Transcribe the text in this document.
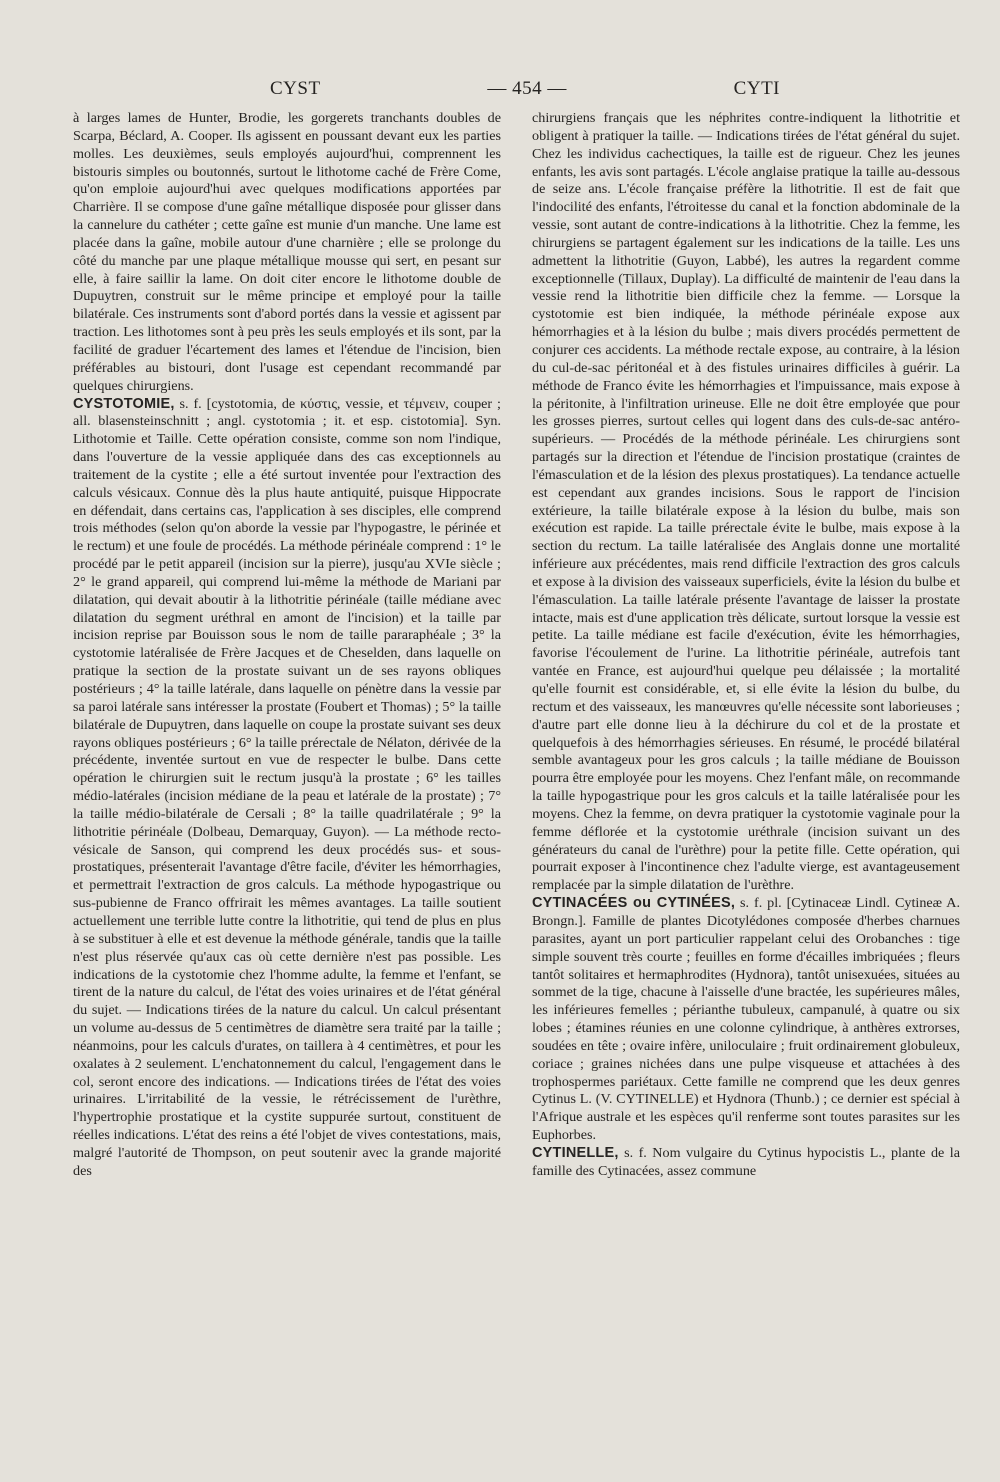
CYST	— 454 —	CYTI

à larges lames de Hunter, Brodie, les gorgerets tranchants doubles de Scarpa, Béclard, A. Cooper. Ils agissent en poussant devant eux les parties molles. Les deuxièmes, seuls employés aujourd'hui, comprennent les bistouris simples ou boutonnés, surtout le lithotome caché de Frère Come, qu'on emploie aujourd'hui avec quelques modifications apportées par Charrière. Il se compose d'une gaîne métallique disposée pour glisser dans la cannelure du cathéter ; cette gaîne est munie d'un manche. Une lame est placée dans la gaîne, mobile autour d'une charnière ; elle se prolonge du côté du manche par une plaque métallique mousse qui sert, en pesant sur elle, à faire saillir la lame. On doit citer encore le lithotome double de Dupuytren, construit sur le même principe et employé pour la taille bilatérale. Ces instruments sont d'abord portés dans la vessie et agissent par traction. Les lithotomes sont à peu près les seuls employés et ils sont, par la facilité de graduer l'écartement des lames et l'étendue de l'incision, bien préférables au bistouri, dont l'usage est cependant recommandé par quelques chirurgiens.

CYSTOTOMIE, s. f. [cystotomia, de κύστις, vessie, et τέμνειν, couper ; all. blasensteinschnitt ; angl. cystotomia ; it. et esp. cistotomia]. Syn. Lithotomie et Taille. Cette opération consiste, comme son nom l'indique, dans l'ouverture de la vessie appliquée dans des cas exceptionnels au traitement de la cystite ; elle a été surtout inventée pour l'extraction des calculs vésicaux. Connue dès la plus haute antiquité, puisque Hippocrate en défendait, dans certains cas, l'application à ses disciples, elle comprend trois méthodes (selon qu'on aborde la vessie par l'hypogastre, le périnée et le rectum) et une foule de procédés. La méthode périnéale comprend : 1° le procédé par le petit appareil (incision sur la pierre), jusqu'au XVIe siècle ; 2° le grand appareil, qui comprend lui-même la méthode de Mariani par dilatation, qui devait aboutir à la lithotritie périnéale (taille médiane avec dilatation du segment uréthral en amont de l'incision) et la taille par incision reprise par Bouisson sous le nom de taille pararaphéale ; 3° la cystotomie latéralisée de Frère Jacques et de Cheselden, dans laquelle on pratique la section de la prostate suivant un de ses rayons obliques postérieurs ; 4° la taille latérale, dans laquelle on pénètre dans la vessie par sa paroi latérale sans intéresser la prostate (Foubert et Thomas) ; 5° la taille bilatérale de Dupuytren, dans laquelle on coupe la prostate suivant ses deux rayons obliques postérieurs ; 6° la taille prérectale de Nélaton, dérivée de la précédente, inventée surtout en vue de respecter le bulbe. Dans cette opération le chirurgien suit le rectum jusqu'à la prostate ; 6° les tailles médio-latérales (incision médiane de la peau et latérale de la prostate) ; 7° la taille médio-bilatérale de Cersali ; 8° la taille quadrilatérale ; 9° la lithotritie périnéale (Dolbeau, Demarquay, Guyon). — La méthode recto-vésicale de Sanson, qui comprend les deux procédés sus- et sous-prostatiques, présenterait l'avantage d'être facile, d'éviter les hémorrhagies, et permettrait l'extraction de gros calculs. La méthode hypogastrique ou sus-pubienne de Franco offrirait les mêmes avantages. La taille soutient actuellement une terrible lutte contre la lithotritie, qui tend de plus en plus à se substituer à elle et est devenue la méthode générale, tandis que la taille n'est plus réservée qu'aux cas où cette dernière n'est pas possible. Les indications de la cystotomie chez l'homme adulte, la femme et l'enfant, se tirent de la nature du calcul, de l'état des voies urinaires et de l'état général du sujet. — Indications tirées de la nature du calcul. Un calcul présentant un volume au-dessus de 5 centimètres de diamètre sera traité par la taille ; néanmoins, pour les calculs d'urates, on taillera à 4 centimètres, et pour les oxalates à 2 seulement. L'enchatonnement du calcul, l'engagement dans le col, seront encore des indications. — Indications tirées de l'état des voies urinaires. L'irritabilité de la vessie, le rétrécissement de l'urèthre, l'hypertrophie prostatique et la cystite suppurée surtout, constituent de réelles indications. L'état des reins a été l'objet de vives contestations, mais, malgré l'autorité de Thompson, on peut soutenir avec la grande majorité des

chirurgiens français que les néphrites contre-indiquent la lithotritie et obligent à pratiquer la taille. — Indications tirées de l'état général du sujet. Chez les individus cachectiques, la taille est de rigueur. Chez les jeunes enfants, les avis sont partagés. L'école anglaise pratique la taille au-dessous de seize ans. L'école française préfère la lithotritie. Il est de fait que l'indocilité des enfants, l'étroitesse du canal et la fonction abdominale de la vessie, sont autant de contre-indications à la lithotritie. Chez la femme, les chirurgiens se partagent également sur les indications de la taille. Les uns admettent la lithotritie (Guyon, Labbé), les autres la regardent comme exceptionnelle (Tillaux, Duplay). La difficulté de maintenir de l'eau dans la vessie rend la lithotritie bien difficile chez la femme. — Lorsque la cystotomie est bien indiquée, la méthode périnéale expose aux hémorrhagies et à la lésion du bulbe ; mais divers procédés permettent de conjurer ces accidents. La méthode rectale expose, au contraire, à la lésion du cul-de-sac péritonéal et à des fistules urinaires difficiles à guérir. La méthode de Franco évite les hémorrhagies et l'impuissance, mais expose à la péritonite, à l'infiltration urineuse. Elle ne doit être employée que pour les grosses pierres, surtout celles qui logent dans des culs-de-sac antéro-supérieurs. — Procédés de la méthode périnéale. Les chirurgiens sont partagés sur la direction et l'étendue de l'incision prostatique (craintes de l'émasculation et de la lésion des plexus prostatiques). La tendance actuelle est cependant aux grandes incisions. Sous le rapport de l'incision extérieure, la taille bilatérale expose à la lésion du bulbe, mais son exécution est rapide. La taille prérectale évite le bulbe, mais expose à la section du rectum. La taille latéralisée des Anglais donne une mortalité inférieure aux précédentes, mais rend difficile l'extraction des gros calculs et expose à la division des vaisseaux superficiels, évite la lésion du bulbe et l'émasculation. La taille latérale présente l'avantage de laisser la prostate intacte, mais est d'une application très délicate, surtout lorsque la vessie est petite. La taille médiane est facile d'exécution, évite les hémorrhagies, favorise l'écoulement de l'urine. La lithotritie périnéale, autrefois tant vantée en France, est aujourd'hui quelque peu délaissée ; la mortalité qu'elle fournit est considérable, et, si elle évite la lésion du bulbe, du rectum et des vaisseaux, les manœuvres qu'elle nécessite sont laborieuses ; d'autre part elle donne lieu à la déchirure du col et de la prostate et quelquefois à des hémorrhagies sérieuses. En résumé, le procédé bilatéral semble avantageux pour les gros calculs ; la taille médiane de Bouisson pourra être employée pour les moyens. Chez l'enfant mâle, on recommande la taille hypogastrique pour les gros calculs et la taille latéralisée pour les moyens. Chez la femme, on devra pratiquer la cystotomie vaginale pour la femme déflorée et la cystotomie uréthrale (incision suivant un des générateurs du canal de l'urèthre) pour la petite fille. Cette opération, qui pourrait exposer à l'incontinence chez l'adulte vierge, est avantageusement remplacée par la simple dilatation de l'urèthre.

CYTINACÉES ou CYTINÉES, s. f. pl. [Cytinaceæ Lindl. Cytineæ A. Brongn.]. Famille de plantes Dicotylédones composée d'herbes charnues parasites, ayant un port particulier rappelant celui des Orobanches : tige simple souvent très courte ; feuilles en forme d'écailles imbriquées ; fleurs tantôt solitaires et hermaphrodites (Hydnora), tantôt unisexuées, situées au sommet de la tige, chacune à l'aisselle d'une bractée, les supérieures mâles, les inférieures femelles ; périanthe tubuleux, campanulé, à quatre ou six lobes ; étamines réunies en une colonne cylindrique, à anthères extrorses, soudées en tête ; ovaire infère, uniloculaire ; fruit ordinairement globuleux, coriace ; graines nichées dans une pulpe visqueuse et attachées à des trophospermes pariétaux. Cette famille ne comprend que les deux genres Cytinus L. (V. CYTINELLE) et Hydnora (Thunb.) ; ce dernier est spécial à l'Afrique australe et les espèces qu'il renferme sont toutes parasites sur les Euphorbes.

CYTINELLE, s. f. Nom vulgaire du Cytinus hypocistis L., plante de la famille des Cytinacées, assez commune
